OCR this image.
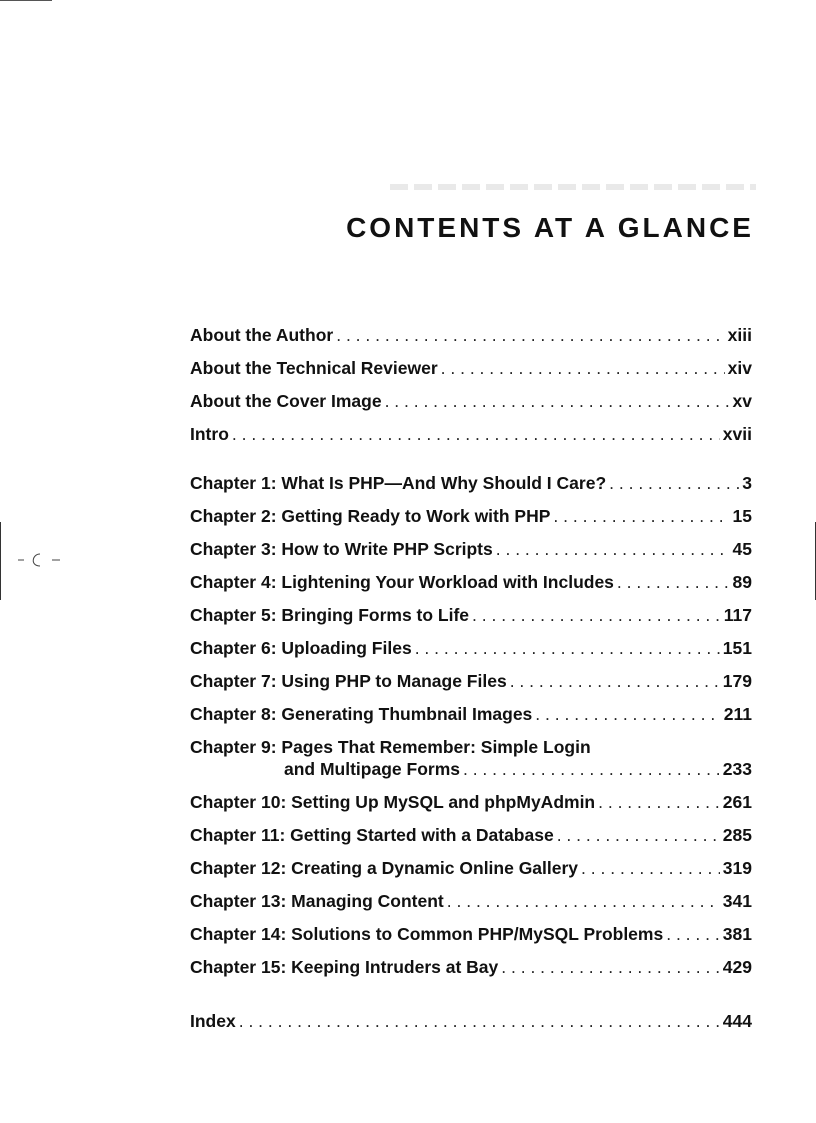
CONTENTS AT A GLANCE
About the Author . . .	xiii
About the Technical Reviewer . . .	xiv
About the Cover Image . . .	xv
Intro . . .	xvii
Chapter 1: What Is PHP—And Why Should I Care? . . .	3
Chapter 2: Getting Ready to Work with PHP . . .	15
Chapter 3: How to Write PHP Scripts . . .	45
Chapter 4: Lightening Your Workload with Includes . . .	89
Chapter 5: Bringing Forms to Life . . .	117
Chapter 6: Uploading Files . . .	151
Chapter 7: Using PHP to Manage Files . . .	179
Chapter 8: Generating Thumbnail Images . . .	211
Chapter 9: Pages That Remember: Simple Login
and Multipage Forms . . .	233
Chapter 10: Setting Up MySQL and phpMyAdmin . . .	261
Chapter 11: Getting Started with a Database . . .	285
Chapter 12: Creating a Dynamic Online Gallery . . .	319
Chapter 13: Managing Content . . .	341
Chapter 14: Solutions to Common PHP/MySQL Problems . . .	381
Chapter 15: Keeping Intruders at Bay . . .	429
Index . . .	444
